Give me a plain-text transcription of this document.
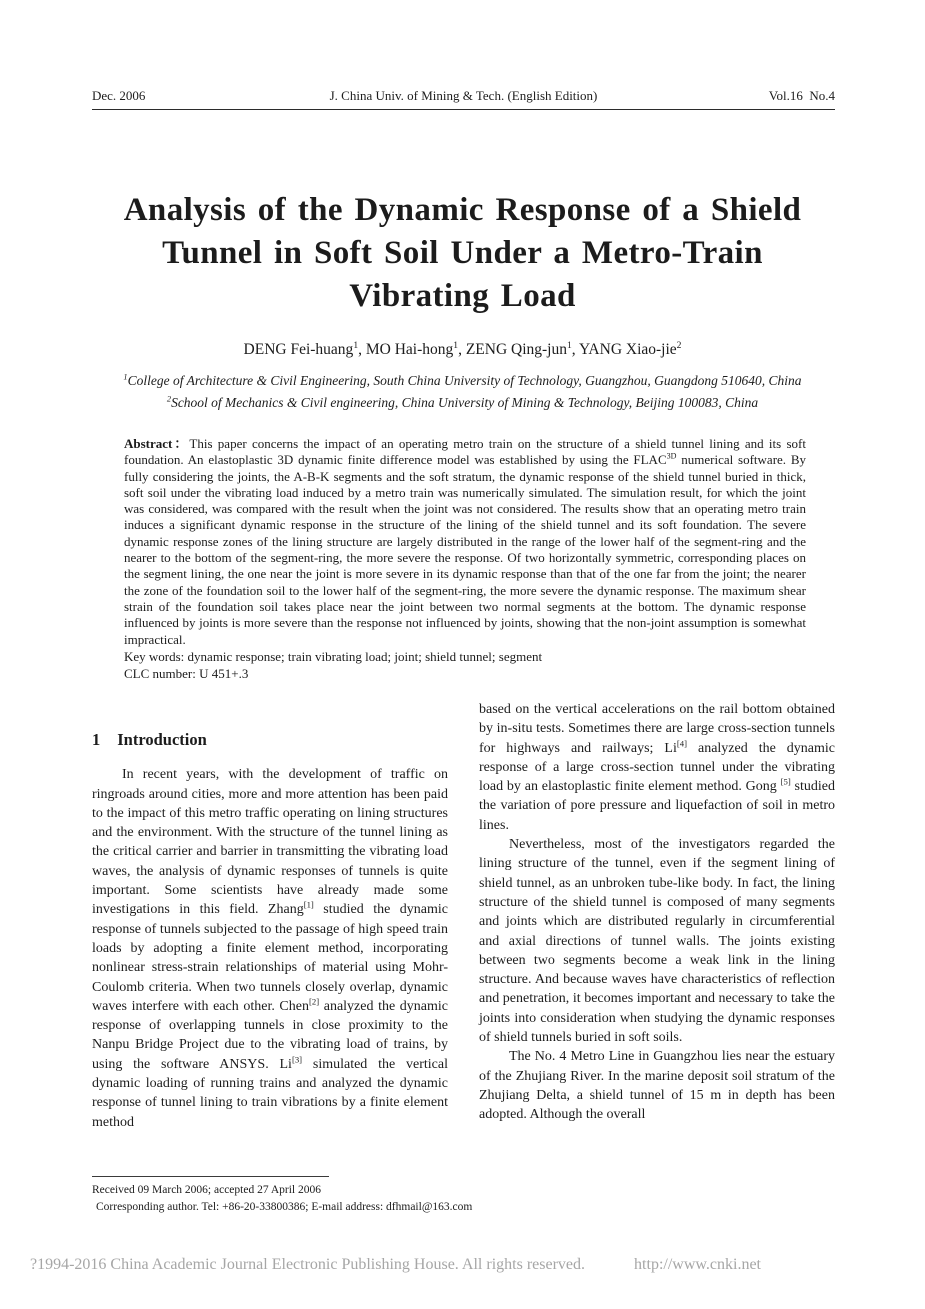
Dec. 2006	J. China Univ. of Mining & Tech. (English Edition)	Vol.16  No.4
Analysis of the Dynamic Response of a Shield
Tunnel in Soft Soil Under a Metro-Train
Vibrating Load
DENG Fei-huang$^1$, MO Hai-hong$^1$, ZENG Qing-jun$^1$, YANG Xiao-jie$^2$
$^1$College of Architecture & Civil Engineering, South China University of Technology, Guangzhou, Guangdong 510640, China
$^2$School of Mechanics & Civil engineering, China University of Mining & Technology, Beijing 100083, China

Abstract：This paper concerns the impact of an operating metro train on the structure of a shield tunnel lining and its soft foundation. An elastoplastic 3D dynamic finite difference model was established by using the $FLAC^{3D}$ numerical software. By fully considering the joints, the A-B-K segments and the soft stratum, the dynamic response of the shield tunnel buried in thick, soft soil under the vibrating load induced by a metro train was numerically simulated. The simulation result, for which the joint was considered, was compared with the result when the joint was not considered. The results show that an operating metro train induces a significant dynamic response in the structure of the lining of the shield tunnel and its soft foundation. The severe dynamic response zones of the lining structure are largely distributed in the range of the lower half of the segment-ring and the nearer to the bottom of the segment-ring, the more severe the response. Of two horizontally symmetric, corresponding places on the segment lining, the one near the joint is more severe in its dynamic response than that of the one far from the joint; the nearer the zone of the foundation soil to the lower half of the segment-ring, the more severe the dynamic response. The maximum shear strain of the foundation soil takes place near the joint between two normal segments at the bottom. The dynamic response influenced by joints is more severe than the response not influenced by joints, showing that the non-joint assumption is somewhat impractical.

Key words: dynamic response; train vibrating load; joint; shield tunnel; segment

CLC number: U 451+.3

1 Introduction

In recent years, with the development of traffic on ringroads around cities, more and more attention has been paid to the impact of this metro traffic operating on lining structures and the environment. With the structure of the tunnel lining as the critical carrier and barrier in transmitting the vibrating load waves, the analysis of dynamic responses of tunnels is quite important. Some scientists have already made some investigations in this field. Zhang[1] studied the dynamic response of tunnels subjected to the passage of high speed train loads by adopting a finite element method, incorporating nonlinear stress-strain relationships of material using Mohr-Coulomb criteria. When two tunnels closely overlap, dynamic waves interfere with each other. Chen[2] analyzed the dynamic response of overlapping tunnels in close proximity to the Nanpu Bridge Project due to the vibrating load of trains, by using the software ANSYS. Li[3] simulated the vertical dynamic loading of running trains and analyzed the dynamic response of tunnel lining to train vibrations by a finite element method

based on the vertical accelerations on the rail bottom obtained by in-situ tests. Sometimes there are large cross-section tunnels for highways and railways; Li[4] analyzed the dynamic response of a large cross-section tunnel under the vibrating load by an elastoplastic finite element method. Gong [5] studied the variation of pore pressure and liquefaction of soil in metro lines.

Nevertheless, most of the investigators regarded the lining structure of the tunnel, even if the segment lining of shield tunnel, as an unbroken tube-like body. In fact, the lining structure of the shield tunnel is composed of many segments and joints which are distributed regularly in circumferential and axial directions of tunnel walls. The joints existing between two segments become a weak link in the lining structure. And because waves have characteristics of reflection and penetration, it becomes important and necessary to take the joints into consideration when studying the dynamic responses of shield tunnels buried in soft soils.

The No. 4 Metro Line in Guangzhou lies near the estuary of the Zhujiang River. In the marine deposit soil stratum of the Zhujiang Delta, a shield tunnel of 15 m in depth has been adopted. Although the overall

Received 09 March 2006; accepted 27 April 2006
Corresponding author. Tel: +86-20-33800386; E-mail address: dfhmail@163.com
?1994-2016 China Academic Journal Electronic Publishing House. All rights reserved.	http://www.cnki.net
